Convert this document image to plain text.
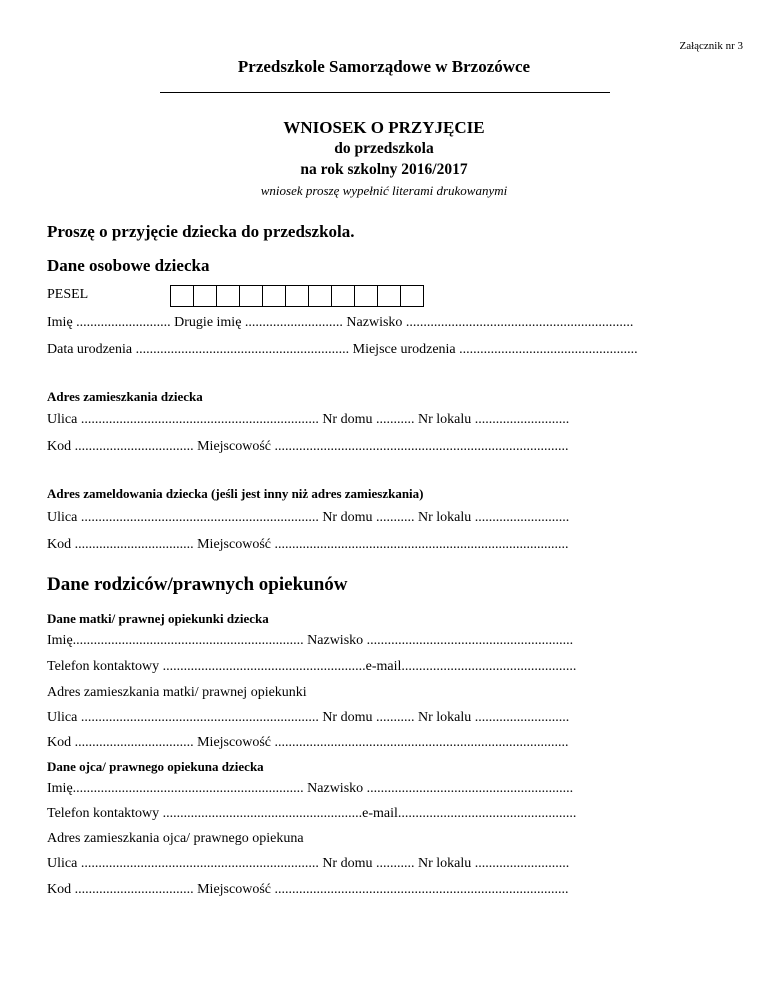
Załącznik nr 3
Przedszkole Samorządowe w Brzozówce
WNIOSEK O PRZYJĘCIE
do przedszkola
na rok szkolny 2016/2017
wniosek proszę wypełnić literami drukowanymi
Proszę o przyjęcie dziecka do przedszkola.
Dane osobowe dziecka
PESEL
Imię ........................... Drugie imię ............................ Nazwisko .................................................................
Data urodzenia ............................................................. Miejsce urodzenia ...................................................
Adres zamieszkania dziecka
Ulica .................................................................... Nr domu ........... Nr lokalu ...........................
Kod .................................. Miejscowość ....................................................................................
Adres zameldowania dziecka (jeśli jest inny niż adres zamieszkania)
Ulica .................................................................... Nr domu ........... Nr lokalu ...........................
Kod .................................. Miejscowość ....................................................................................
Dane rodziców/prawnych opiekunów
Dane matki/ prawnej opiekunki dziecka
Imię.................................................................. Nazwisko ...........................................................
Telefon kontaktowy ..........................................................e-mail..................................................
Adres zamieszkania matki/ prawnej opiekunki
Ulica .................................................................... Nr domu ........... Nr lokalu ...........................
Kod .................................. Miejscowość ....................................................................................
Dane ojca/ prawnego opiekuna dziecka
Imię.................................................................. Nazwisko ...........................................................
Telefon kontaktowy .........................................................e-mail...................................................
Adres zamieszkania ojca/ prawnego opiekuna
Ulica .................................................................... Nr domu ........... Nr lokalu ...........................
Kod .................................. Miejscowość ....................................................................................
